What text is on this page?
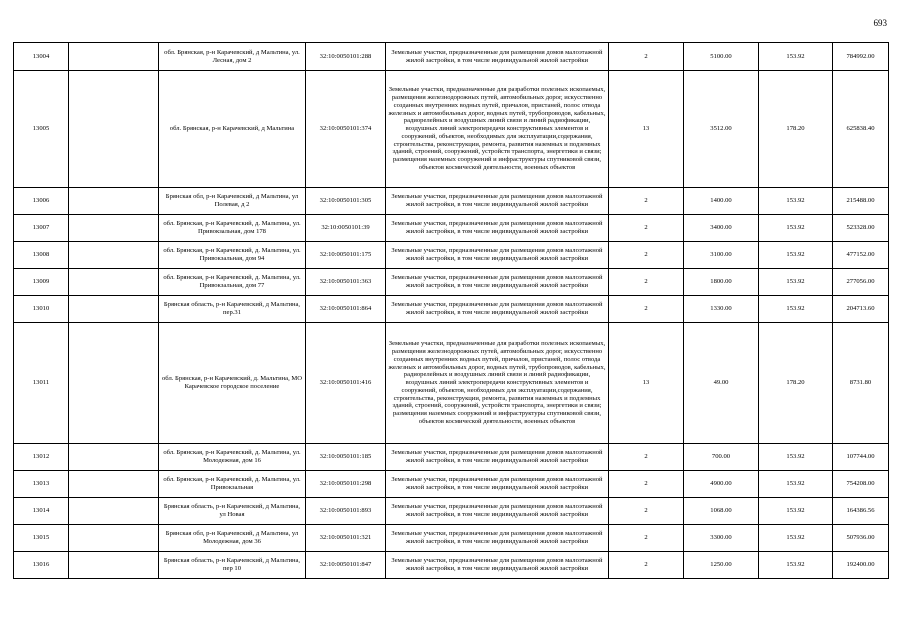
693
13004		обл. Брянская, р-н Карачевский, д Мальтина, ул. Лесная, дом 2	32:10:0050101:288	Земельные участки, предназначенные для размещения домов малоэтажной жилой застройки, в том числе индивидуальной жилой застройки	2	5100.00	153.92	784992.00
13005		обл. Брянская, р-н Карачевский, д Мальтина	32:10:0050101:374	Земельные участки, предназначенные для разработки полезных ископаемых, размещения железнодорожных путей, автомобильных дорог, искусственно созданных внутренних водных путей, причалов, пристаней, полос отвода железных и автомобильных дорог, водных путей, трубопроводов, кабельных, радиорелейных и воздушных линий связи и линий радиофикации, воздушных линий электропередачи конструктивных элементов и сооружений, объектов, необходимых для эксплуатации,содержания, строительства, реконструкции, ремонта, развития наземных и подземных зданий, строений, сооружений, устройств транспорта, энергетики и связи; размещения наземных сооружений и инфраструктуры спутниковой связи, объектов космической деятельности, военных объектов	13	3512.00	178.20	625838.40
13006		Брянская обл, р-н Карачевский, д Мальтина, ул Полевая, д 2	32:10:0050101:305	Земельные участки, предназначенные для размещения домов малоэтажной жилой застройки, в том числе индивидуальной жилой застройки	2	1400.00	153.92	215488.00
13007		обл. Брянская, р-н Карачевский, д. Мальтина, ул. Привокзальная, дом 178	32:10:0050101:39	Земельные участки, предназначенные для размещения домов малоэтажной жилой застройки, в том числе индивидуальной жилой застройки	2	3400.00	153.92	523328.00
13008		обл. Брянская, р-н Карачевский, д. Мальтина, ул. Привокзальная, дом 94	32:10:0050101:175	Земельные участки, предназначенные для размещения домов малоэтажной жилой застройки, в том числе индивидуальной жилой застройки	2	3100.00	153.92	477152.00
13009		обл. Брянская, р-н Карачевский, д. Мальтина, ул. Привокзальная, дом 77	32:10:0050101:363	Земельные участки, предназначенные для размещения домов малоэтажной жилой застройки, в том числе индивидуальной жилой застройки	2	1800.00	153.92	277056.00
13010		Брянская область, р-н Карачевский, д Мальтина, пер.31	32:10:0050101:864	Земельные участки, предназначенные для размещения домов малоэтажной жилой застройки, в том числе индивидуальной жилой застройки	2	1330.00	153.92	204713.60
13011		обл. Брянская, р-н Карачевский, д. Мальтина, МО Карачевское городское поселение	32:10:0050101:416	Земельные участки, предназначенные для разработки полезных ископаемых, размещения железнодорожных путей, автомобильных дорог, искусственно созданных внутренних водных путей, причалов, пристаней, полос отвода железных и автомобильных дорог, водных путей, трубопроводов, кабельных, радиорелейных и воздушных линий связи и линий радиофикации, воздушных линий электропередачи конструктивных элементов и сооружений, объектов, необходимых для эксплуатации,содержания, строительства, реконструкции, ремонта, развития наземных и подземных зданий, строений, сооружений, устройств транспорта, энергетики и связи; размещения наземных сооружений и инфраструктуры спутниковой связи, объектов космической деятельности, военных объектов	13	49.00	178.20	8731.80
13012		обл. Брянская, р-н Карачевский, д. Мальтина, ул. Молодежная, дом 16	32:10:0050101:185	Земельные участки, предназначенные для размещения домов малоэтажной жилой застройки, в том числе индивидуальной жилой застройки	2	700.00	153.92	107744.00
13013		обл. Брянская, р-н Карачевский, д. Мальтина, ул. Привокзальная	32:10:0050101:298	Земельные участки, предназначенные для размещения домов малоэтажной жилой застройки, в том числе индивидуальной жилой застройки	2	4900.00	153.92	754208.00
13014		Брянская область, р-н Карачевский, д Мальтина, ул Новая	32:10:0050101:893	Земельные участки, предназначенные для размещения домов малоэтажной жилой застройки, в том числе индивидуальной жилой застройки	2	1068.00	153.92	164386.56
13015		Брянская обл, р-н Карачевский, д Мальтина, ул Молодежная, дом 36	32:10:0050101:321	Земельные участки, предназначенные для размещения домов малоэтажной жилой застройки, в том числе индивидуальной жилой застройки	2	3300.00	153.92	507936.00
13016		Брянская область, р-н Карачевский, д Мальтина, пер 10	32:10:0050101:847	Земельные участки, предназначенные для размещения домов малоэтажной жилой застройки, в том числе индивидуальной жилой застройки	2	1250.00	153.92	192400.00
